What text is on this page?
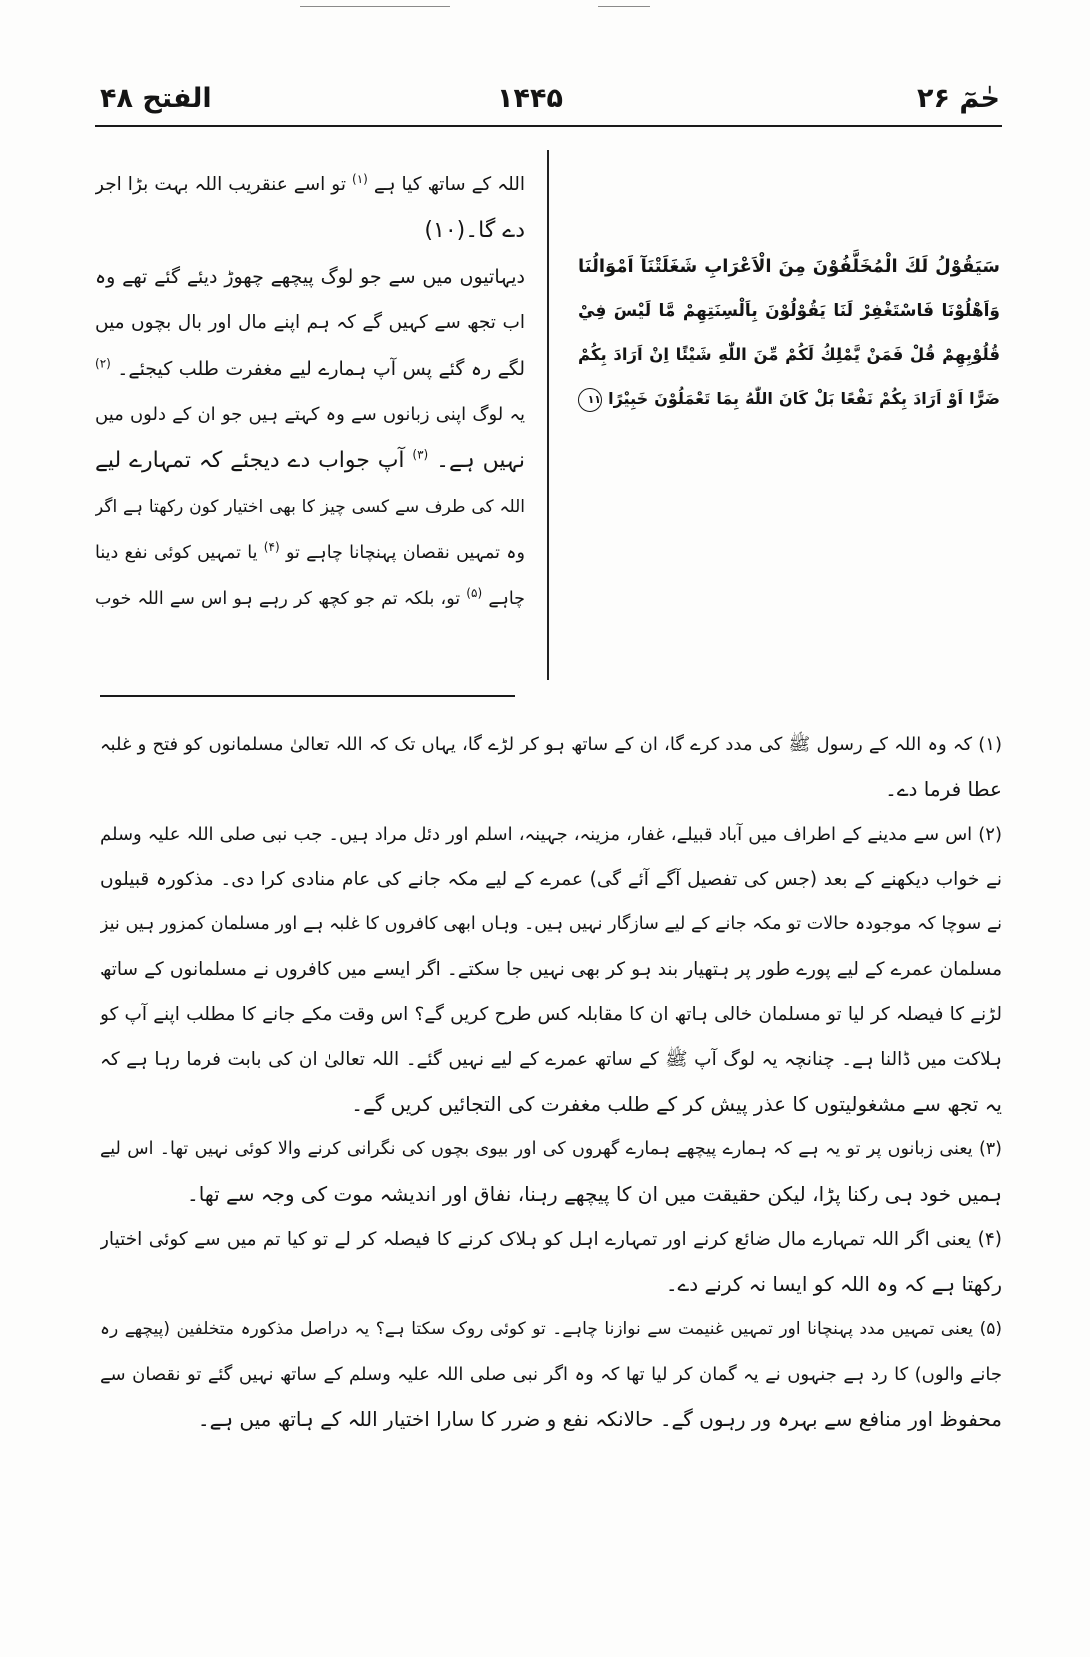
الفتح ۴۸	۱۴۴۵	حٰمٓ ۲۶
اللہ کے ساتھ کیا ہے $^{(۱)}$ تو اسے عنقریب اللہ بہت بڑا اجر
دے گا۔(۱۰)
دیہاتیوں میں سے جو لوگ پیچھے چھوڑ دیئے گئے تھے وہ
اب تجھ سے کہیں گے کہ ہم اپنے مال اور بال بچوں میں
لگے رہ گئے پس آپ ہمارے لیے مغفرت طلب کیجئے۔ $^{(۲)}$
یہ لوگ اپنی زبانوں سے وہ کہتے ہیں جو ان کے دلوں میں
نہیں ہے۔ $^{(۳)}$ آپ جواب دے دیجئے کہ تمہارے لیے
اللہ کی طرف سے کسی چیز کا بھی اختیار کون رکھتا ہے اگر
وہ تمہیں نقصان پہنچانا چاہے تو $^{(۴)}$ یا تمہیں کوئی نفع دینا
چاہے $^{(۵)}$ تو، بلکہ تم جو کچھ کر رہے ہو اس سے اللہ خوب
سَيَقُوْلُ لَكَ الْمُخَلَّفُوْنَ مِنَ الْاَعْرَابِ شَغَلَتْنَآ اَمْوَالُنَا
وَاَهْلُوْنَا فَاسْتَغْفِرْ لَنَا يَقُوْلُوْنَ بِاَلْسِنَتِهِمْ مَّا لَيْسَ فِيْ
قُلُوْبِهِمْ قُلْ فَمَنْ يَّمْلِكُ لَكُمْ مِّنَ اللّٰهِ شَيْئًا اِنْ اَرَادَ بِكُمْ
ضَرًّا اَوْ اَرَادَ بِكُمْ نَفْعًا بَلْ كَانَ اللّٰهُ بِمَا تَعْمَلُوْنَ خَبِيْرًا ۱۱
(۱) کہ وہ اللہ کے رسول ﷺ کی مدد کرے گا، ان کے ساتھ ہو کر لڑے گا، یہاں تک کہ اللہ تعالیٰ مسلمانوں کو فتح و غلبہ
عطا فرما دے۔
(۲) اس سے مدینے کے اطراف میں آباد قبیلے، غفار، مزینہ، جہینہ، اسلم اور دئل مراد ہیں۔ جب نبی صلی اللہ علیہ وسلم
نے خواب دیکھنے کے بعد (جس کی تفصیل آگے آئے گی) عمرے کے لیے مکہ جانے کی عام منادی کرا دی۔ مذکورہ قبیلوں
نے سوچا کہ موجودہ حالات تو مکہ جانے کے لیے سازگار نہیں ہیں۔ وہاں ابھی کافروں کا غلبہ ہے اور مسلمان کمزور ہیں نیز
مسلمان عمرے کے لیے پورے طور پر ہتھیار بند ہو کر بھی نہیں جا سکتے۔ اگر ایسے میں کافروں نے مسلمانوں کے ساتھ
لڑنے کا فیصلہ کر لیا تو مسلمان خالی ہاتھ ان کا مقابلہ کس طرح کریں گے؟ اس وقت مکے جانے کا مطلب اپنے آپ کو
ہلاکت میں ڈالنا ہے۔ چنانچہ یہ لوگ آپ ﷺ کے ساتھ عمرے کے لیے نہیں گئے۔ اللہ تعالیٰ ان کی بابت فرما رہا ہے کہ
یہ تجھ سے مشغولیتوں کا عذر پیش کر کے طلب مغفرت کی التجائیں کریں گے۔
(۳) یعنی زبانوں پر تو یہ ہے کہ ہمارے پیچھے ہمارے گھروں کی اور بیوی بچوں کی نگرانی کرنے والا کوئی نہیں تھا۔ اس لیے
ہمیں خود ہی رکنا پڑا، لیکن حقیقت میں ان کا پیچھے رہنا، نفاق اور اندیشہ موت کی وجہ سے تھا۔
(۴) یعنی اگر اللہ تمہارے مال ضائع کرنے اور تمہارے اہل کو ہلاک کرنے کا فیصلہ کر لے تو کیا تم میں سے کوئی اختیار
رکھتا ہے کہ وہ اللہ کو ایسا نہ کرنے دے۔
(۵) یعنی تمہیں مدد پہنچانا اور تمہیں غنیمت سے نوازنا چاہے۔ تو کوئی روک سکتا ہے؟ یہ دراصل مذکورہ متخلفین (پیچھے رہ
جانے والوں) کا رد ہے جنہوں نے یہ گمان کر لیا تھا کہ وہ اگر نبی صلی اللہ علیہ وسلم کے ساتھ نہیں گئے تو نقصان سے
محفوظ اور منافع سے بہرہ ور رہوں گے۔ حالانکہ نفع و ضرر کا سارا اختیار اللہ کے ہاتھ میں ہے۔
